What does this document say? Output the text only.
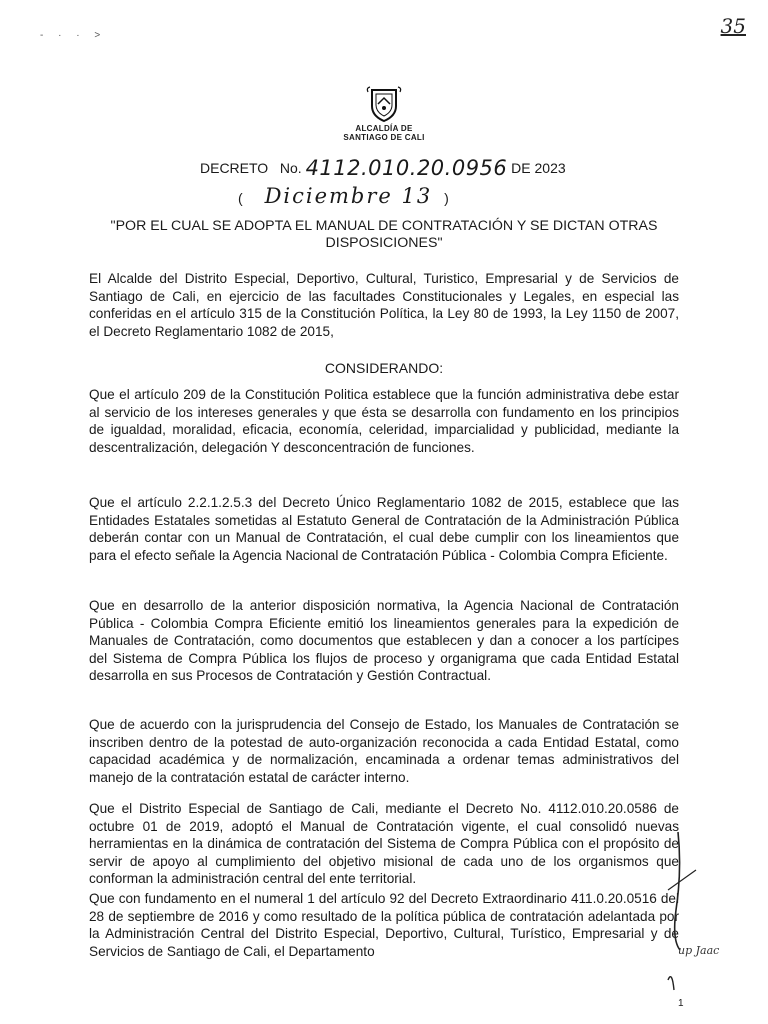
35
- · · >
ALCALDÍA DE
SANTIAGO DE CALI
DECRETO No. 4112.010.20.0956 DE 2023
( Diciembre 13 )
"POR EL CUAL SE ADOPTA EL MANUAL DE CONTRATACIÓN Y SE DICTAN OTRAS DISPOSICIONES"
El Alcalde del Distrito Especial, Deportivo, Cultural, Turistico, Empresarial y de Servicios de Santiago de Cali, en ejercicio de las facultades Constitucionales y Legales, en especial las conferidas en el artículo 315 de la Constitución Política, la Ley 80 de 1993, la Ley 1150 de 2007, el Decreto Reglamentario 1082 de 2015,
CONSIDERANDO:
Que el artículo 209 de la Constitución Politica establece que la función administrativa debe estar al servicio de los intereses generales y que ésta se desarrolla con fundamento en los principios de igualdad, moralidad, eficacia, economía, celeridad, imparcialidad y publicidad, mediante la descentralización, delegación Y desconcentración de funciones.
Que el artículo 2.2.1.2.5.3 del Decreto Único Reglamentario 1082 de 2015, establece que las Entidades Estatales sometidas al Estatuto General de Contratación de la Administración Pública deberán contar con un Manual de Contratación, el cual debe cumplir con los lineamientos que para el efecto señale la Agencia Nacional de Contratación Pública - Colombia Compra Eficiente.
Que en desarrollo de la anterior disposición normativa, la Agencia Nacional de Contratación Pública - Colombia Compra Eficiente emitió los lineamientos generales para la expedición de Manuales de Contratación, como documentos que establecen y dan a conocer a los partícipes del Sistema de Compra Pública los flujos de proceso y organigrama que cada Entidad Estatal desarrolla en sus Procesos de Contratación y Gestión Contractual.
Que de acuerdo con la jurisprudencia del Consejo de Estado, los Manuales de Contratación se inscriben dentro de la potestad de auto-organización reconocida a cada Entidad Estatal, como capacidad académica y de normalización, encaminada a ordenar temas administrativos del manejo de la contratación estatal de carácter interno.
Que el Distrito Especial de Santiago de Cali, mediante el Decreto No. 4112.010.20.0586 de octubre 01 de 2019, adoptó el Manual de Contratación vigente, el cual consolidó nuevas herramientas en la dinámica de contratación del Sistema de Compra Pública con el propósito de servir de apoyo al cumplimiento del objetivo misional de cada uno de los organismos que conforman la administración central del ente territorial.
Que con fundamento en el numeral 1 del artículo 92 del Decreto Extraordinario 411.0.20.0516 del 28 de septiembre de 2016 y como resultado de la política pública de contratación adelantada por la Administración Central del Distrito Especial, Deportivo, Cultural, Turístico, Empresarial y de Servicios de Santiago de Cali, el Departamento	up Jaac
1
